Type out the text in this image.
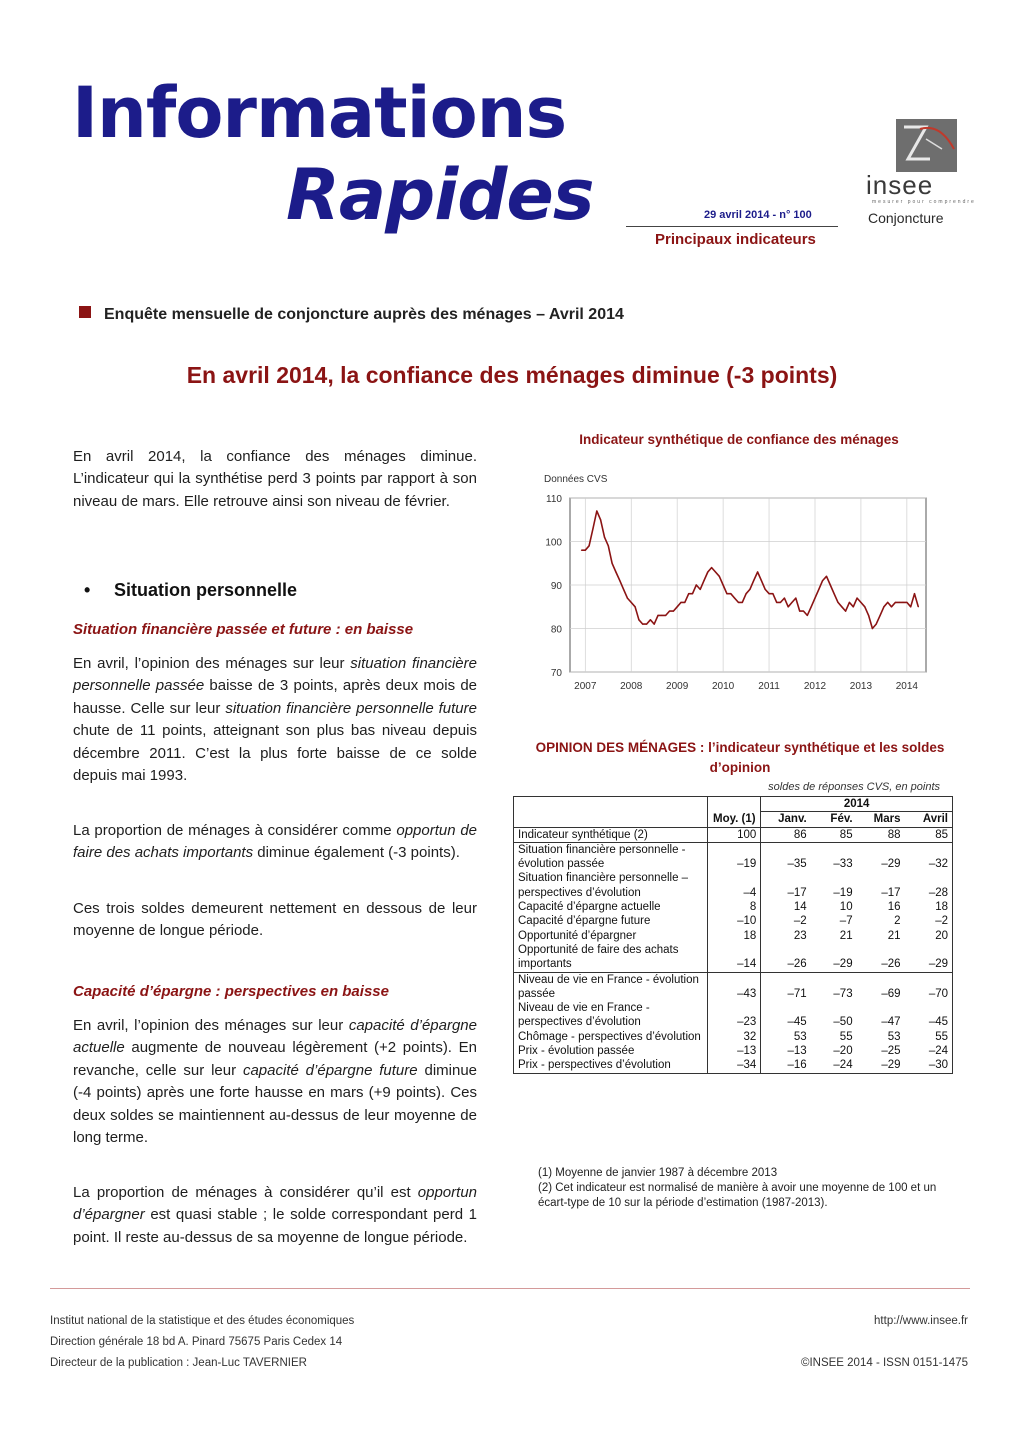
Informations
Rapides	29 avril 2014 - n° 100
Principaux indicateurs
insee
mesurer pour comprendre
Conjoncture
Enquête mensuelle de conjoncture auprès des ménages – Avril 2014
En avril 2014, la confiance des ménages diminue (-3 points)
En avril 2014, la confiance des ménages diminue. L’indicateur qui la synthétise perd 3 points par rapport à son niveau de mars. Elle retrouve ainsi son niveau de février.
• Situation personnelle
Situation financière passée et future : en baisse
En avril, l’opinion des ménages sur leur situation financière personnelle passée baisse de 3 points, après deux mois de hausse. Celle sur leur situation financière personnelle future chute de 11 points, atteignant son plus bas niveau depuis décembre 2011. C’est la plus forte baisse de ce solde depuis mai 1993.
La proportion de ménages à considérer comme opportun de faire des achats importants diminue également (-3 points).
Ces trois soldes demeurent nettement en dessous de leur moyenne de longue période.
Capacité d’épargne : perspectives en baisse
En avril, l’opinion des ménages sur leur capacité d’épargne actuelle augmente de nouveau légèrement (+2 points). En revanche, celle sur leur capacité d’épargne future diminue (-4 points) après une forte hausse en mars (+9 points). Ces deux soldes se maintiennent au-dessus de leur moyenne de long terme.
La proportion de ménages à considérer qu’il est opportun d’épargner est quasi stable ; le solde correspondant perd 1 point. Il reste au-dessus de sa moyenne de longue période.
Indicateur synthétique de confiance des ménages
110
100
90
80
70
2007 2008 2009 2010 2011 2012 2013 2014
Données CVS
OPINION DES MÉNAGES : l’indicateur synthétique et les soldes d’opinion
soldes de réponses CVS, en points
		2014			
	Moy. (1)	Janv.	Fév.	Mars	Avril
Indicateur synthétique (2)	100	86	85	88	85
Situation financière personnelle - évolution passée	–19	–35	–33	–29	–32
Situation financière personnelle – perspectives d’évolution	–4	–17	–19	–17	–28
Capacité d’épargne actuelle	8	14	10	16	18
Capacité d’épargne future	–10	–2	–7	2	–2
Opportunité d’épargner	18	23	21	21	20
Opportunité de faire des achats importants	–14	–26	–29	–26	–29
Niveau de vie en France - évolution passée	–43	–71	–73	–69	–70
Niveau de vie en France - perspectives d’évolution	–23	–45	–50	–47	–45
Chômage - perspectives d’évolution	32	53	55	53	55
Prix - évolution passée	–13	–13	–20	–25	–24
Prix - perspectives d’évolution	–34	–16	–24	–29	–30
(1) Moyenne de janvier 1987 à décembre 2013
(2) Cet indicateur est normalisé de manière à avoir une moyenne de 100 et un écart-type de 10 sur la période d’estimation (1987-2013).
Institut national de la statistique et des études économiques
Direction générale 18 bd A. Pinard 75675 Paris Cedex 14
Directeur de la publication : Jean-Luc TAVERNIER
http://www.insee.fr
©INSEE 2014 - ISSN 0151-1475
